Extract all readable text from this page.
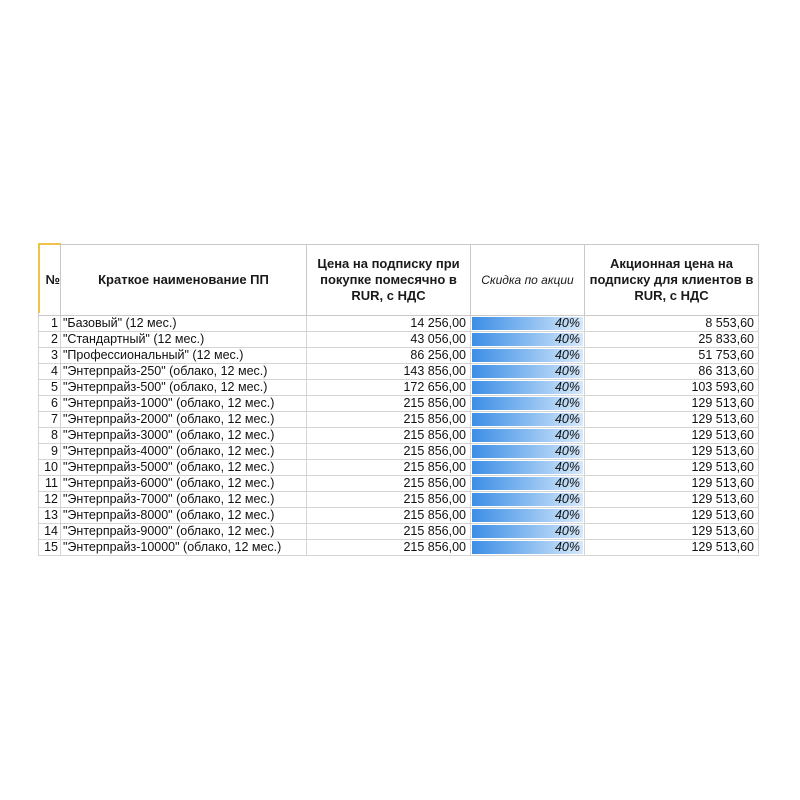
№	Краткое наименование ПП	Цена на подписку при покупке помесячно в RUR, с НДС	Скидка по акции	Акционная цена на подписку для клиентов в RUR, с НДС
1	"Базовый" (12 мес.)	14 256,00	40%	8 553,60
2	"Стандартный" (12 мес.)	43 056,00	40%	25 833,60
3	"Профессиональный" (12 мес.)	86 256,00	40%	51 753,60
4	"Энтерпрайз-250" (облако, 12 мес.)	143 856,00	40%	86 313,60
5	"Энтерпрайз-500" (облако, 12 мес.)	172 656,00	40%	103 593,60
6	"Энтерпрайз-1000" (облако, 12 мес.)	215 856,00	40%	129 513,60
7	"Энтерпрайз-2000" (облако, 12 мес.)	215 856,00	40%	129 513,60
8	"Энтерпрайз-3000" (облако, 12 мес.)	215 856,00	40%	129 513,60
9	"Энтерпрайз-4000" (облако, 12 мес.)	215 856,00	40%	129 513,60
10	"Энтерпрайз-5000" (облако, 12 мес.)	215 856,00	40%	129 513,60
11	"Энтерпрайз-6000" (облако, 12 мес.)	215 856,00	40%	129 513,60
12	"Энтерпрайз-7000" (облако, 12 мес.)	215 856,00	40%	129 513,60
13	"Энтерпрайз-8000" (облако, 12 мес.)	215 856,00	40%	129 513,60
14	"Энтерпрайз-9000" (облако, 12 мес.)	215 856,00	40%	129 513,60
15	"Энтерпрайз-10000" (облако, 12 мес.)	215 856,00	40%	129 513,60
